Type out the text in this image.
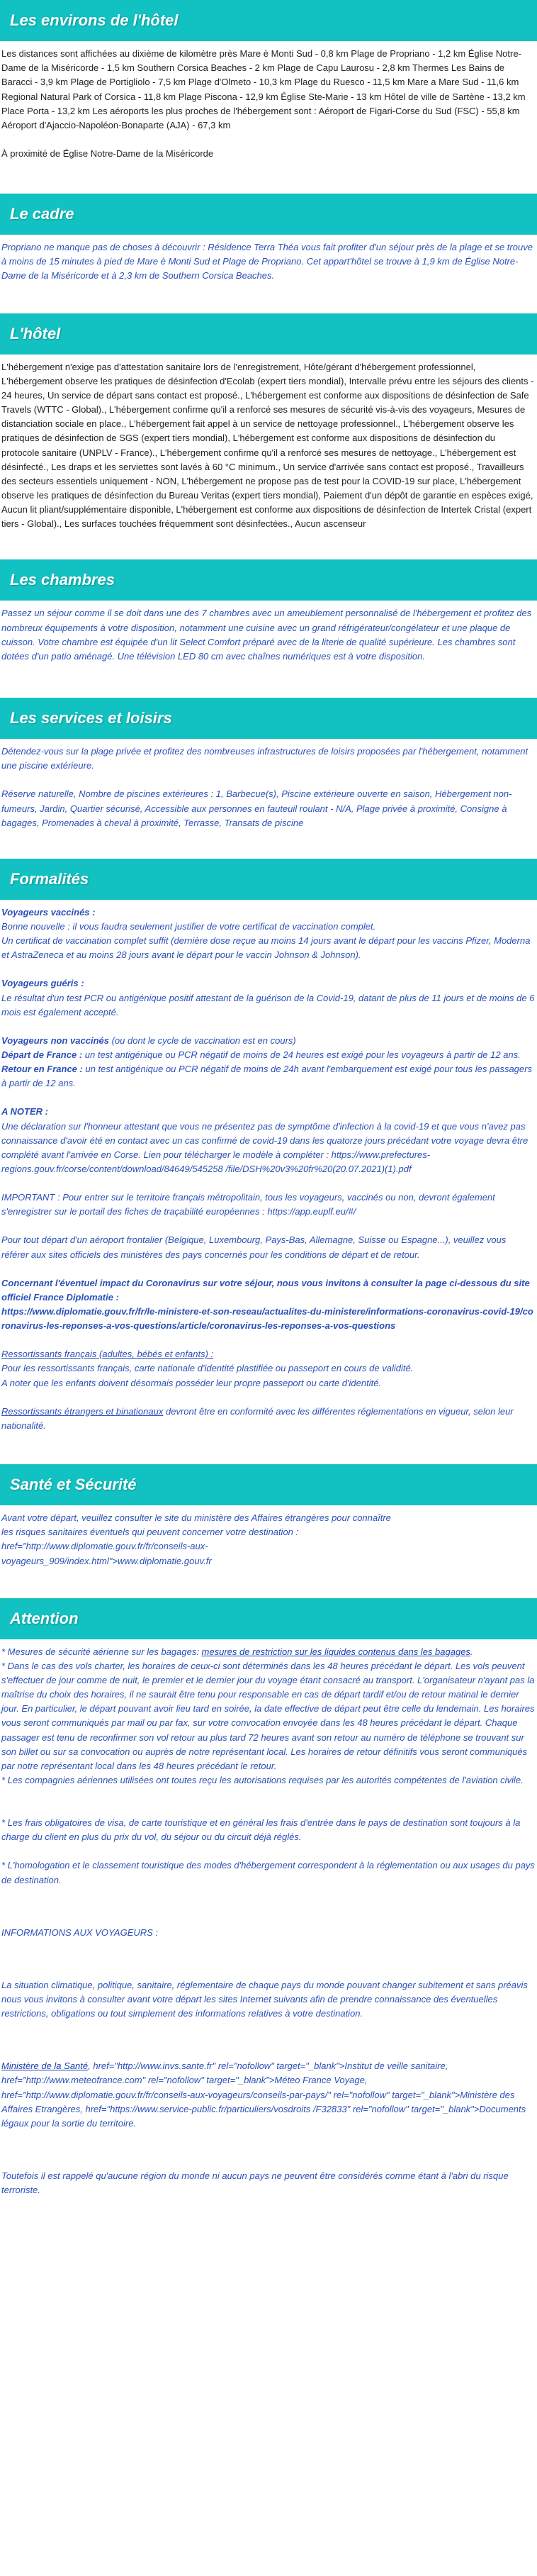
Les environs de l'hôtel

Les distances sont affichées au dixième de kilomètre près Mare è Monti Sud - 0,8 km Plage de Propriano - 1,2 km Église Notre-Dame de la Miséricorde - 1,5 km Southern Corsica Beaches - 2 km Plage de Capu Laurosu - 2,8 km Thermes Les Bains de Baracci - 3,9 km Plage de Portigliolo - 7,5 km Plage d'Olmeto - 10,3 km Plage du Ruesco - 11,5 km Mare a Mare Sud - 11,6 km Regional Natural Park of Corsica - 11,8 km Plage Piscona - 12,9 km Église Ste-Marie - 13 km Hôtel de ville de Sartène - 13,2 km Place Porta - 13,2 km Les aéroports les plus proches de l'hébergement sont : Aéroport de Figari-Corse du Sud (FSC) - 55,8 km Aéroport d'Ajaccio-Napoléon-Bonaparte (AJA) - 67,3 km

À proximité de Église Notre-Dame de la Miséricorde

Le cadre

Propriano ne manque pas de choses à découvrir : Résidence Terra Théa vous fait profiter d'un séjour près de la plage et se trouve à moins de 15 minutes à pied de Mare è Monti Sud et Plage de Propriano. Cet appart'hôtel se trouve à 1,9 km de Église Notre-Dame de la Miséricorde et à 2,3 km de Southern Corsica Beaches.

L'hôtel

L'hébergement n'exige pas d'attestation sanitaire lors de l'enregistrement, Hôte/gérant d'hébergement professionnel, L'hébergement observe les pratiques de désinfection d'Ecolab (expert tiers mondial), Intervalle prévu entre les séjours des clients - 24 heures, Un service de départ sans contact est proposé., L'hébergement est conforme aux dispositions de désinfection de Safe Travels (WTTC - Global)., L'hébergement confirme qu'il a renforcé ses mesures de sécurité vis-à-vis des voyageurs, Mesures de distanciation sociale en place., L'hébergement fait appel à un service de nettoyage professionnel., L'hébergement observe les pratiques de désinfection de SGS (expert tiers mondial), L'hébergement est conforme aux dispositions de désinfection du protocole sanitaire (UNPLV - France)., L'hébergement confirme qu'il a renforcé ses mesures de nettoyage., L'hébergement est désinfecté., Les draps et les serviettes sont lavés à 60 °C minimum., Un service d'arrivée sans contact est proposé., Travailleurs des secteurs essentiels uniquement - NON, L'hébergement ne propose pas de test pour la COVID-19 sur place, L'hébergement observe les pratiques de désinfection du Bureau Veritas (expert tiers mondial), Paiement d'un dépôt de garantie en espèces exigé, Aucun lit pliant/supplémentaire disponible, L'hébergement est conforme aux dispositions de désinfection de Intertek Cristal (expert tiers - Global)., Les surfaces touchées fréquemment sont désinfectées., Aucun ascenseur

Les chambres

Passez un séjour comme il se doit dans une des 7 chambres avec un ameublement personnalisé de l'hébergement et profitez des nombreux équipements à votre disposition, notamment une cuisine avec un grand réfrigérateur/congélateur et une plaque de cuisson. Votre chambre est équipée d'un lit Select Comfort préparé avec de la literie de qualité supérieure. Les chambres sont dotées d'un patio aménagé. Une télévision LED 80 cm avec chaînes numériques est à votre disposition.

Les services et loisirs

Détendez-vous sur la plage privée et profitez des nombreuses infrastructures de loisirs proposées par l'hébergement, notamment une piscine extérieure.

Réserve naturelle, Nombre de piscines extérieures : 1, Barbecue(s), Piscine extérieure ouverte en saison, Hébergement non-fumeurs, Jardin, Quartier sécurisé, Accessible aux personnes en fauteuil roulant - N/A, Plage privée à proximité, Consigne à bagages, Promenades à cheval à proximité, Terrasse, Transats de piscine

Formalités

Voyageurs vaccinés :

Bonne nouvelle : il vous faudra seulement justifier de votre certificat de vaccination complet.

Un certificat de vaccination complet suffit (dernière dose reçue au moins 14 jours avant le départ pour les vaccins Pfizer, Moderna et AstraZeneca et au moins 28 jours avant le départ pour le vaccin Johnson & Johnson).

Voyageurs guéris :

Le résultat d'un test PCR ou antigénique positif attestant de la guérison de la Covid-19, datant de plus de 11 jours et de moins de 6 mois est également accepté.

Voyageurs non vaccinés (ou dont le cycle de vaccination est en cours)

Départ de France : un test antigénique ou PCR négatif de moins de 24 heures est exigé pour les voyageurs à partir de 12 ans.

Retour en France : un test antigénique ou PCR négatif de moins de 24h avant l'embarquement est exigé pour tous les passagers à partir de 12 ans.

A NOTER :

Une déclaration sur l'honneur attestant que vous ne présentez pas de symptôme d'infection à la covid-19 et que vous n'avez pas connaissance d'avoir été en contact avec un cas confirmé de covid-19 dans les quatorze jours précédant votre voyage devra être complété avant l'arrivée en Corse. Lien pour télécharger le modèle à compléter : https://www.prefectures-regions.gouv.fr/corse/content/download/84649/545258 /file/DSH%20v3%20fr%20(20.07.2021)(1).pdf

IMPORTANT : Pour entrer sur le territoire français métropolitain, tous les voyageurs, vaccinés ou non, devront également s'enregistrer sur le portail des fiches de traçabilité européennes : https://app.euplf.eu/#/

Pour tout départ d'un aéroport frontalier (Belgique, Luxembourg, Pays-Bas, Allemagne, Suisse ou Espagne...), veuillez vous référer aux sites officiels des ministères des pays concernés pour les conditions de départ et de retour.

Concernant l'éventuel impact du Coronavirus sur votre séjour, nous vous invitons à consulter la page ci-dessous du site officiel France Diplomatie :

https://www.diplomatie.gouv.fr/fr/le-ministere-et-son-reseau/actualites-du-ministere/informations-coronavirus-covid-19/coronavirus-les-reponses-a-vos-questions/article/coronavirus-les-reponses-a-vos-questions

Ressortissants français (adultes, bébés et enfants) :

Pour les ressortissants français, carte nationale d'identité plastifiée ou passeport en cours de validité.

A noter que les enfants doivent désormais posséder leur propre passeport ou carte d'identité.

Ressortissants étrangers et binationaux devront être en conformité avec les différentes réglementations en vigueur, selon leur nationalité.

Santé et Sécurité

Avant votre départ, veuillez consulter le site du ministère des Affaires étrangères pour connaître les risques sanitaires éventuels qui peuvent concerner votre destination : href="http://www.diplomatie.gouv.fr/fr/conseils-aux-voyageurs_909/index.html">www.diplomatie.gouv.fr

Attention

* Mesures de sécurité aérienne sur les bagages: mesures de restriction sur les liquides contenus dans les bagages.

* Dans le cas des vols charter, les horaires de ceux-ci sont déterminés dans les 48 heures précédant le départ. Les vols peuvent s'effectuer de jour comme de nuit, le premier et le dernier jour du voyage étant consacré au transport. L'organisateur n'ayant pas la maîtrise du choix des horaires, il ne saurait être tenu pour responsable en cas de départ tardif et/ou de retour matinal le dernier jour. En particulier, le départ pouvant avoir lieu tard en soirée, la date effective de départ peut être celle du lendemain. Les horaires vous seront communiqués par mail ou par fax, sur votre convocation envoyée dans les 48 heures précédant le départ. Chaque passager est tenu de reconfirmer son vol retour au plus tard 72 heures avant son retour au numéro de téléphone se trouvant sur son billet ou sur sa convocation ou auprès de notre représentant local. Les horaires de retour définitifs vous seront communiqués par notre représentant local dans les 48 heures précédant le retour.

* Les compagnies aériennes utilisées ont toutes reçu les autorisations requises par les autorités compétentes de l'aviation civile.

* Les frais obligatoires de visa, de carte touristique et en général les frais d'entrée dans le pays de destination sont toujours à la charge du client en plus du prix du vol, du séjour ou du circuit déjà réglés.

* L'homologation et le classement touristique des modes d'hébergement correspondent à la réglementation ou aux usages du pays de destination.

INFORMATIONS AUX VOYAGEURS :

La situation climatique, politique, sanitaire, réglementaire de chaque pays du monde pouvant changer subitement et sans préavis nous vous invitons à consulter avant votre départ les sites Internet suivants afin de prendre connaissance des éventuelles restrictions, obligations ou tout simplement des informations relatives à votre destination.

Ministère de la Santé, href="http://www.invs.sante.fr" rel="nofollow" target="_blank">Institut de veille sanitaire, href="http://www.meteofrance.com" rel="nofollow" target="_blank">Méteo France Voyage, href="http://www.diplomatie.gouv.fr/fr/conseils-aux-voyageurs/conseils-par-pays/" rel="nofollow" target="_blank">Ministère des Affaires Etrangères, href="https://www.service-public.fr/particuliers/vosdroits /F32833" rel="nofollow" target="_blank">Documents légaux pour la sortie du territoire.

Toutefois il est rappelé qu'aucune région du monde ni aucun pays ne peuvent être considérés comme étant à l'abri du risque terroriste.
